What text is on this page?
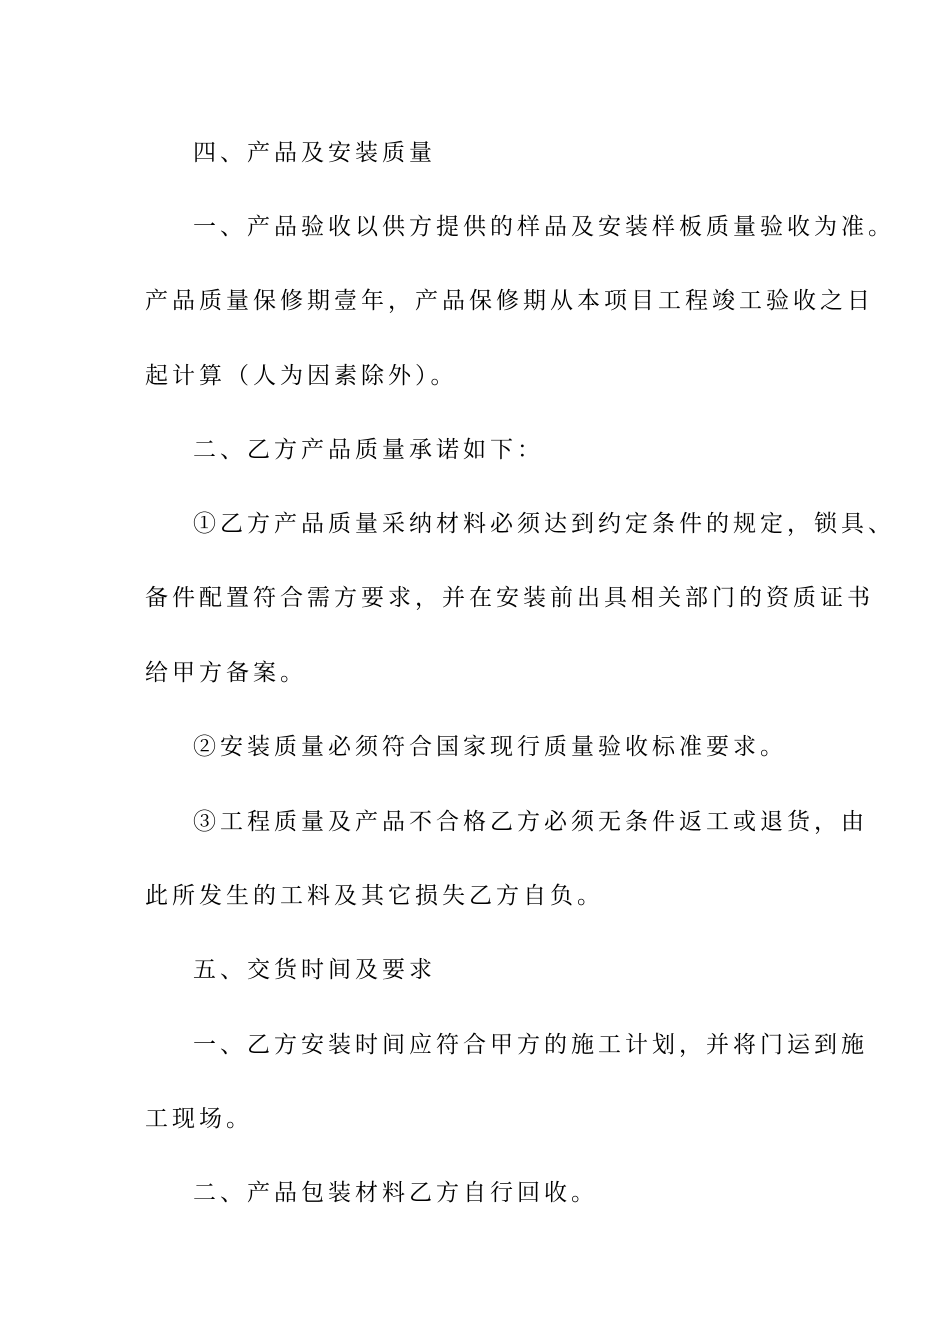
四、产品及安装质量
一、产品验收以供方提供的样品及安装样板质量验收为准。
产品质量保修期壹年，产品保修期从本项目工程竣工验收之日
起计算（人为因素除外）。
二、乙方产品质量承诺如下：
①乙方产品质量采纳材料必须达到约定条件的规定，锁具、
备件配置符合需方要求，并在安装前出具相关部门的资质证书
给甲方备案。
②安装质量必须符合国家现行质量验收标准要求。
③工程质量及产品不合格乙方必须无条件返工或退货，由
此所发生的工料及其它损失乙方自负。
五、交货时间及要求
一、乙方安装时间应符合甲方的施工计划，并将门运到施
工现场。
二、产品包装材料乙方自行回收。
